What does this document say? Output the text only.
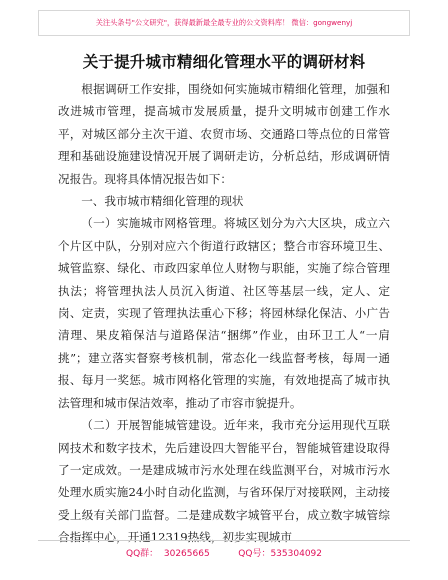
关注头条号"公文研究"，获得最新最全最专业的公文资料库！ 微信：gongwenyj
关于提升城市精细化管理水平的调研材料

根据调研工作安排，围绕如何实施城市精细化管理，加强和改进城市管理，提高城市发展质量，提升文明城市创建工作水平，对城区部分主次干道、农贸市场、交通路口等点位的日常管理和基础设施建设情况开展了调研走访，分析总结，形成调研情况报告。现将具体情况报告如下：

一、我市城市精细化管理的现状

（一）实施城市网格管理。将城区划分为六大区块，成立六个片区中队，分别对应六个街道行政辖区；整合市容环境卫生、城管监察、绿化、市政四家单位人财物与职能，实施了综合管理执法；将管理执法人员沉入街道、社区等基层一线，定人、定岗、定责，实现了管理执法重心下移；将园林绿化保洁、小广告清理、果皮箱保洁与道路保洁“捆绑”作业，由环卫工人“一肩挑”；建立落实督察考核机制，常态化一线监督考核，每周一通报、每月一奖惩。城市网格化管理的实施，有效地提高了城市执法管理和城市保洁效率，推动了市容市貌提升。

（二）开展智能城管建设。近年来，我市充分运用现代互联网技术和数字技术，先后建设四大智能平台，智能城管建设取得了一定成效。一是建成城市污水处理在线监测平台，对城市污水处理水质实施24小时自动化监测，与省环保厅对接联网，主动接受上级有关部门监督。二是建成数字城管平台，成立数字城管综合指挥中心，开通12319热线，初步实现城市

QQ群：  30265665          QQ号：535304092
